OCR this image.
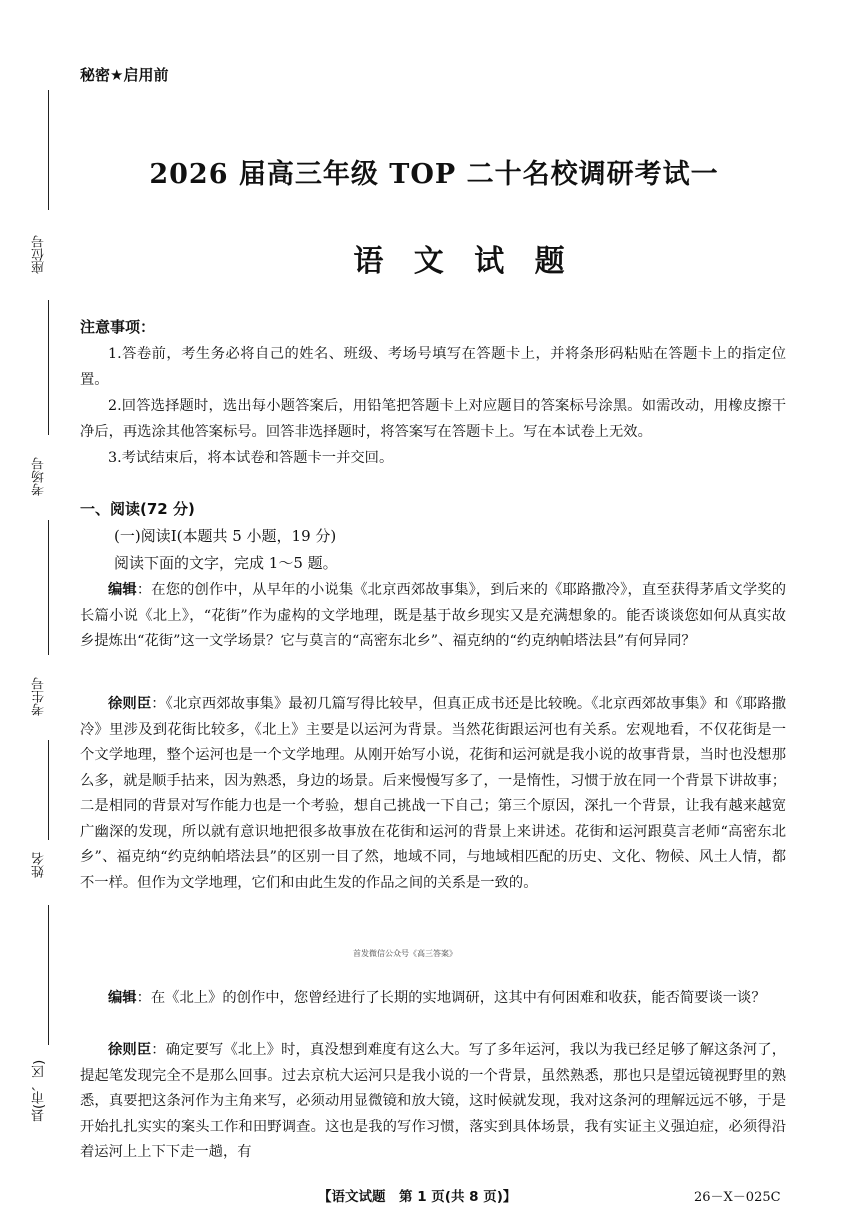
座位号
考场号
考生号
姓名
县(市、区)
秘密★启用前
2026 届高三年级 TOP 二十名校调研考试一
语 文 试 题
注意事项：
1.答卷前，考生务必将自己的姓名、班级、考场号填写在答题卡上，并将条形码粘贴在答题卡上的指定位置。
2.回答选择题时，选出每小题答案后，用铅笔把答题卡上对应题目的答案标号涂黑。如需改动，用橡皮擦干净后，再选涂其他答案标号。回答非选择题时，将答案写在答题卡上。写在本试卷上无效。
3.考试结束后，将本试卷和答题卡一并交回。
一、阅读(72 分)
(一)阅读Ⅰ(本题共 5 小题，19 分)
阅读下面的文字，完成 1～5 题。
编辑：在您的创作中，从早年的小说集《北京西郊故事集》，到后来的《耶路撒冷》，直至获得茅盾文学奖的长篇小说《北上》，“花街”作为虚构的文学地理，既是基于故乡现实又是充满想象的。能否谈谈您如何从真实故乡提炼出“花街”这一文学场景？它与莫言的“高密东北乡”、福克纳的“约克纳帕塔法县”有何异同？
徐则臣：《北京西郊故事集》最初几篇写得比较早，但真正成书还是比较晚。《北京西郊故事集》和《耶路撒冷》里涉及到花街比较多，《北上》主要是以运河为背景。当然花街跟运河也有关系。宏观地看，不仅花街是一个文学地理，整个运河也是一个文学地理。从刚开始写小说，花街和运河就是我小说的故事背景，当时也没想那么多，就是顺手拈来，因为熟悉，身边的场景。后来慢慢写多了，一是惰性，习惯于放在同一个背景下讲故事；二是相同的背景对写作能力也是一个考验，想自己挑战一下自己；第三个原因，深扎一个背景，让我有越来越宽广幽深的发现，所以就有意识地把很多故事放在花街和运河的背景上来讲述。花街和运河跟莫言老师“高密东北乡”、福克纳“约克纳帕塔法县”的区别一目了然，地域不同，与地域相匹配的历史、文化、物候、风土人情，都不一样。但作为文学地理，它们和由此生发的作品之间的关系是一致的。
首发微信公众号《高三答案》
编辑：在《北上》的创作中，您曾经进行了长期的实地调研，这其中有何困难和收获，能否简要谈一谈？
徐则臣：确定要写《北上》时，真没想到难度有这么大。写了多年运河，我以为我已经足够了解这条河了，提起笔发现完全不是那么回事。过去京杭大运河只是我小说的一个背景，虽然熟悉，那也只是望远镜视野里的熟悉，真要把这条河作为主角来写，必须动用显微镜和放大镜，这时候就发现，我对这条河的理解远远不够，于是开始扎扎实实的案头工作和田野调查。这也是我的写作习惯，落实到具体场景，我有实证主义强迫症，必须得沿着运河上上下下走一趟，有
【语文试题　第 1 页(共 8 页)】	26－X－025C
